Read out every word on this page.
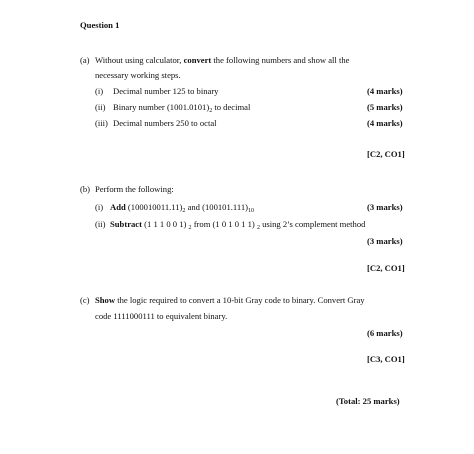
Question 1
(a) Without using calculator, convert the following numbers and show all the
necessary working steps.
(i) Decimal number 125 to binary	(4 marks)
(ii) Binary number $(1001.0101)_2$ to decimal	(5 marks)
(iii) Decimal numbers 250 to octal	(4 marks)
[C2, CO1]
(b) Perform the following:
(i) Add $(100010011.11)_2$ and $(100101.111)_{10}$	(3 marks)
(ii) Subtract (1 1 1 0 0 1) $_2$ from (1 0 1 0 1 1) $_2$ using 2’s complement method
(3 marks)
[C2, CO1]
(c) Show the logic required to convert a 10-bit Gray code to binary. Convert Gray
code 1111000111 to equivalent binary.
(6 marks)
[C3, CO1]
(Total: 25 marks)
